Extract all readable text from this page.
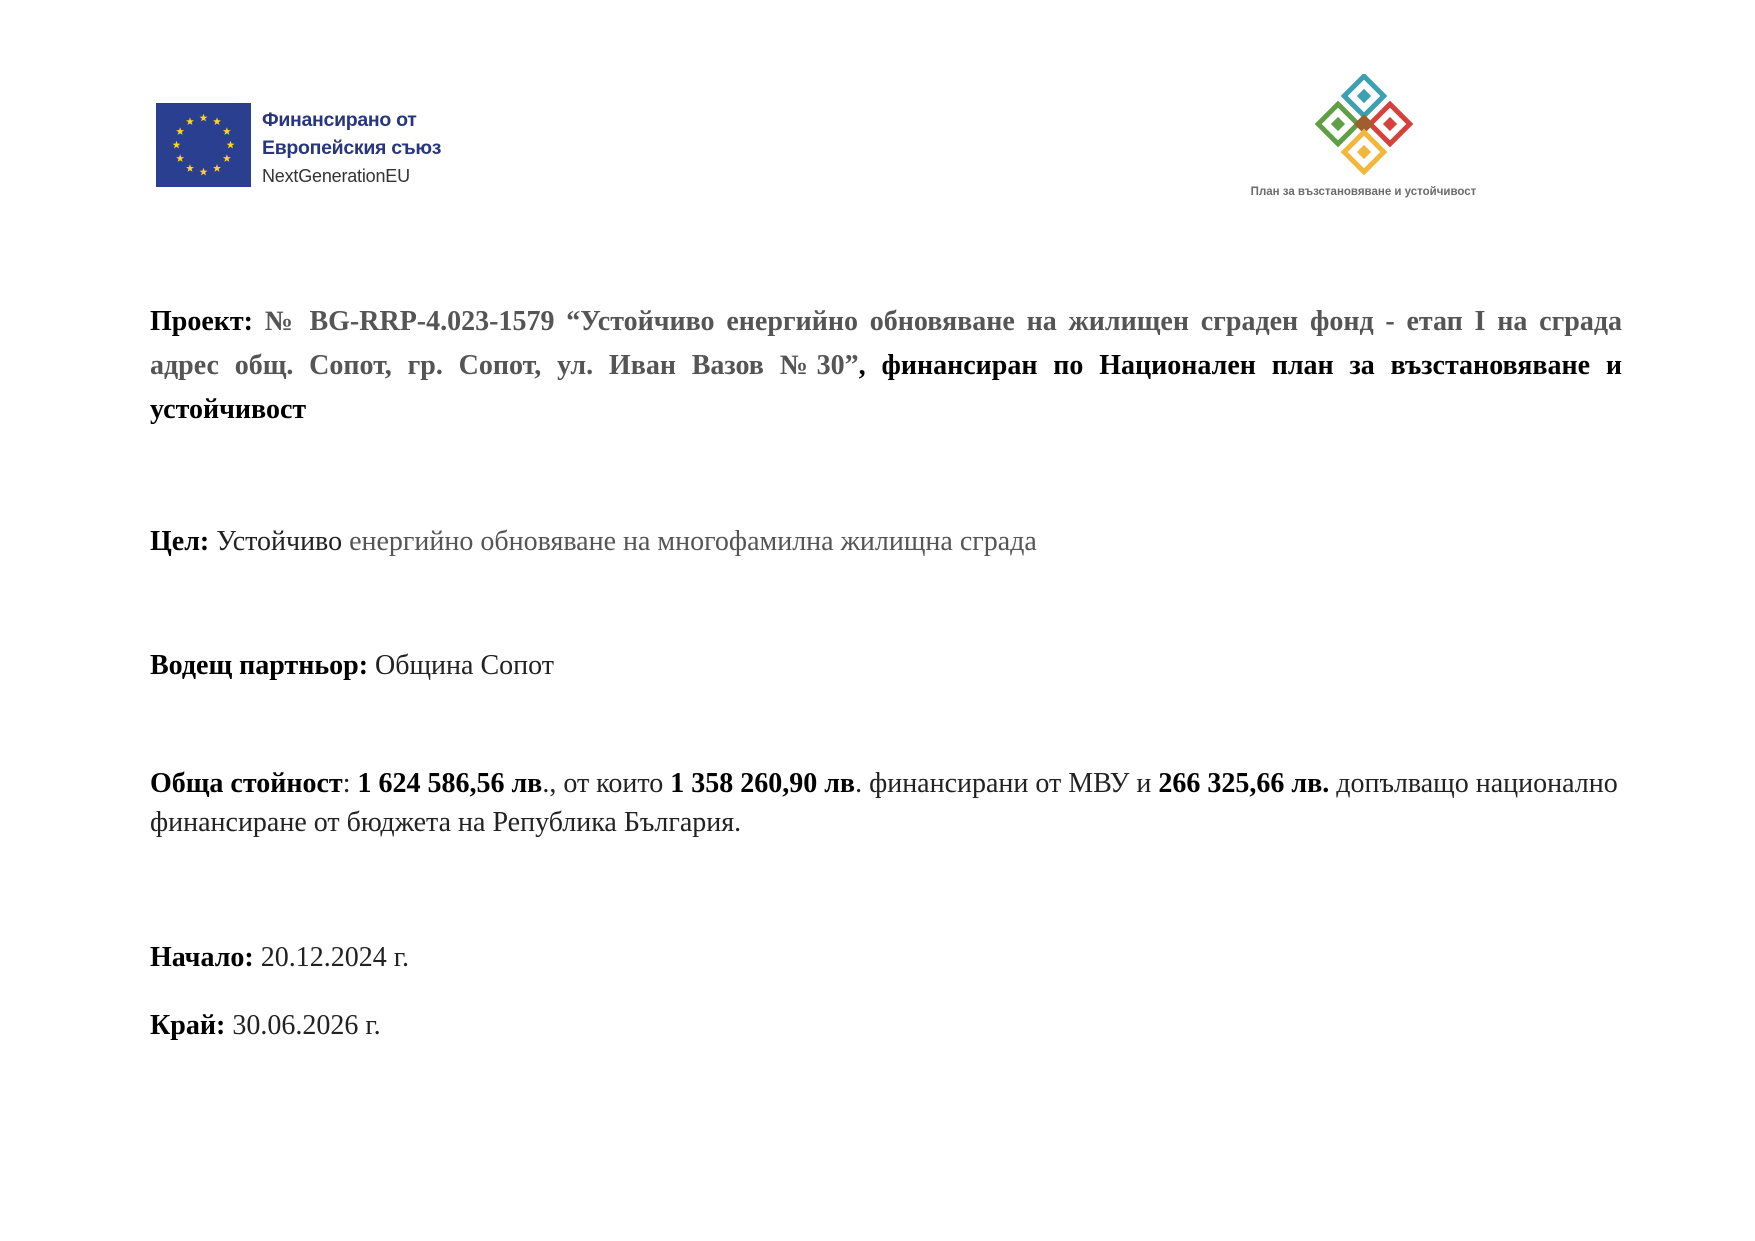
Финансирано от
Европейския съюз
NextGenerationEU
План за възстановяване и устойчивост
Проект: № BG-RRP-4.023-1579 “Устойчиво енергийно обновяване на жилищен сграден фонд - етап I на сграда адрес общ. Сопот, гр. Сопот, ул. Иван Вазов №30”, финансиран по Национален план за възстановяване и устойчивост
Цел: Устойчиво енергийно обновяване на многофамилна жилищна сграда
Водещ партньор: Община Сопот
Обща стойност: 1 624 586,56 лв., от които 1 358 260,90 лв. финансирани от МВУ и 266 325,66 лв. допълващо национално финансиране от бюджета на Република България.
Начало: 20.12.2024 г.
Край: 30.06.2026 г.
